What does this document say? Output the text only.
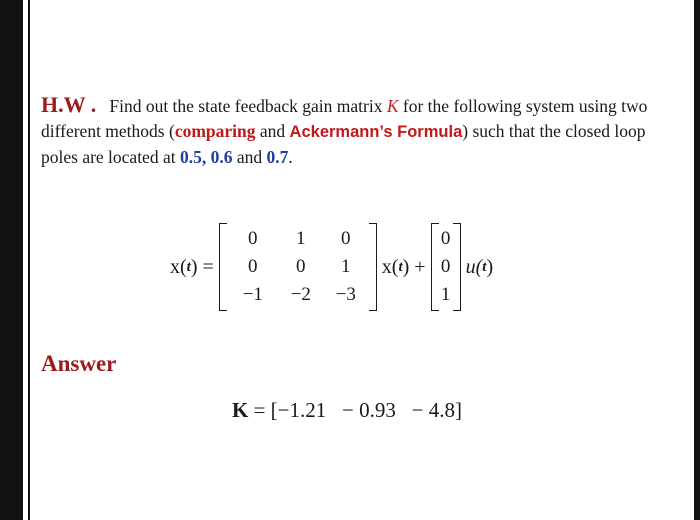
H.W . Find out the state feedback gain matrix K for the following system using two different methods (comparing and Ackermann’s Formula) such that the closed loop poles are located at 0.5, 0.6 and 0.7.
x( t ) =
0	1	0
0	0	1
−1	−2	−3
x( t ) +
0
0
1
u( t )
Answer
K = [−1.21   − 0.93   − 4.8]
